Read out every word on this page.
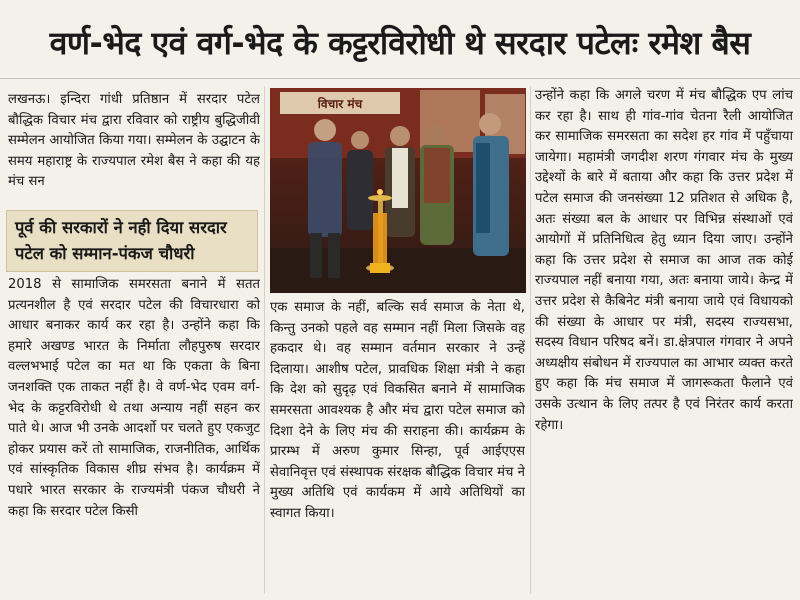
वर्ण-भेद एवं वर्ग-भेद के कट्टरविरोधी थे सरदार पटेलः रमेश बैस

लखनऊ। इन्दिरा गांधी प्रतिष्ठान में सरदार पटेल बौद्धिक विचार मंच द्वारा रविवार को राष्ट्रीय बुद्धिजीवी सम्मेलन आयोजित किया गया। सम्मेलन के उद्घाटन के समय महाराष्ट्र के राज्यपाल रमेश बैस ने कहा की यह मंच सन

पूर्व की सरकारों ने नही दिया सरदार पटेल को सम्मान-पंकज चौधरी

2018 से सामाजिक समरसता बनाने में सतत प्रत्यनशील है एवं सरदार पटेल की विचारधारा को आधार बनाकर कार्य कर रहा है। उन्होंने कहा कि हमारे अखण्ड भारत के निर्माता लौहपुरुष सरदार वल्लभभाई पटेल का मत था कि एकता के बिना जनशक्ति एक ताकत नहीं है। वे वर्ण-भेद एवम वर्ग-भेद के कट्टरविरोधी थे तथा अन्याय नहीं सहन कर पाते थे। आज भी उनके आदर्शो पर चलते हुए एकजुट होकर प्रयास करें तो सामाजिक, राजनीतिक, आर्थिक एवं सांस्कृतिक विकास शीघ्र संभव है। कार्यक्रम में पधारे भारत सरकार के राज्यमंत्री पंकज चौधरी ने कहा कि सरदार पटेल किसी

विचार मंच

एक समाज के नहीं, बल्कि सर्व समाज के नेता थे, किन्तु उनको पहले वह सम्मान नहीं मिला जिसके वह हकदार थे। वह सम्मान वर्तमान सरकार ने उन्हें दिलाया। आशीष पटेल, प्रावधिक शिक्षा मंत्री ने कहा कि देश को सुदृढ़ एवं विकसित बनाने में सामाजिक समरसता आवश्यक है और मंच द्वारा पटेल समाज को दिशा देने के लिए मंच की सराहना की। कार्यक्रम के प्रारम्भ में अरुण कुमार सिन्हा, पूर्व आईएएस सेवानिवृत्त एवं संस्थापक संरक्षक बौद्धिक विचार मंच ने मुख्य अतिथि एवं कार्यकम में आये अतिथियों का स्वागत किया।

उन्होंने कहा कि अगले चरण में मंच बौद्धिक एप लांच कर रहा है। साथ ही गांव-गांव चेतना रैली आयोजित कर सामाजिक समरसता का सदेश हर गांव में पहुँचाया जायेगा। महामंत्री जगदीश शरण गंगवार मंच के मुख्य उद्देश्यों के बारे में बताया और कहा कि उत्तर प्रदेश में पटेल समाज की जनसंख्या 12 प्रतिशत से अधिक है, अतः संख्या बल के आधार पर विभिन्न संस्थाओं एवं आयोगों में प्रतिनिधित्व हेतु ध्यान दिया जाए। उन्होंने कहा कि उत्तर प्रदेश से समाज का आज तक कोई राज्यपाल नहीं बनाया गया, अतः बनाया जाये। केन्द्र में उत्तर प्रदेश से कैबिनेट मंत्री बनाया जाये एवं विधायको की संख्या के आधार पर मंत्री, सदस्य राज्यसभा, सदस्य विधान परिषद बनें। डा.क्षेत्रपाल गंगवार ने अपने अध्यक्षीय संबोधन में राज्यपाल का आभार व्यक्त करते हुए कहा कि मंच समाज में जागरूकता फैलाने एवं उसके उत्थान के लिए तत्पर है एवं निरंतर कार्य करता रहेगा।
